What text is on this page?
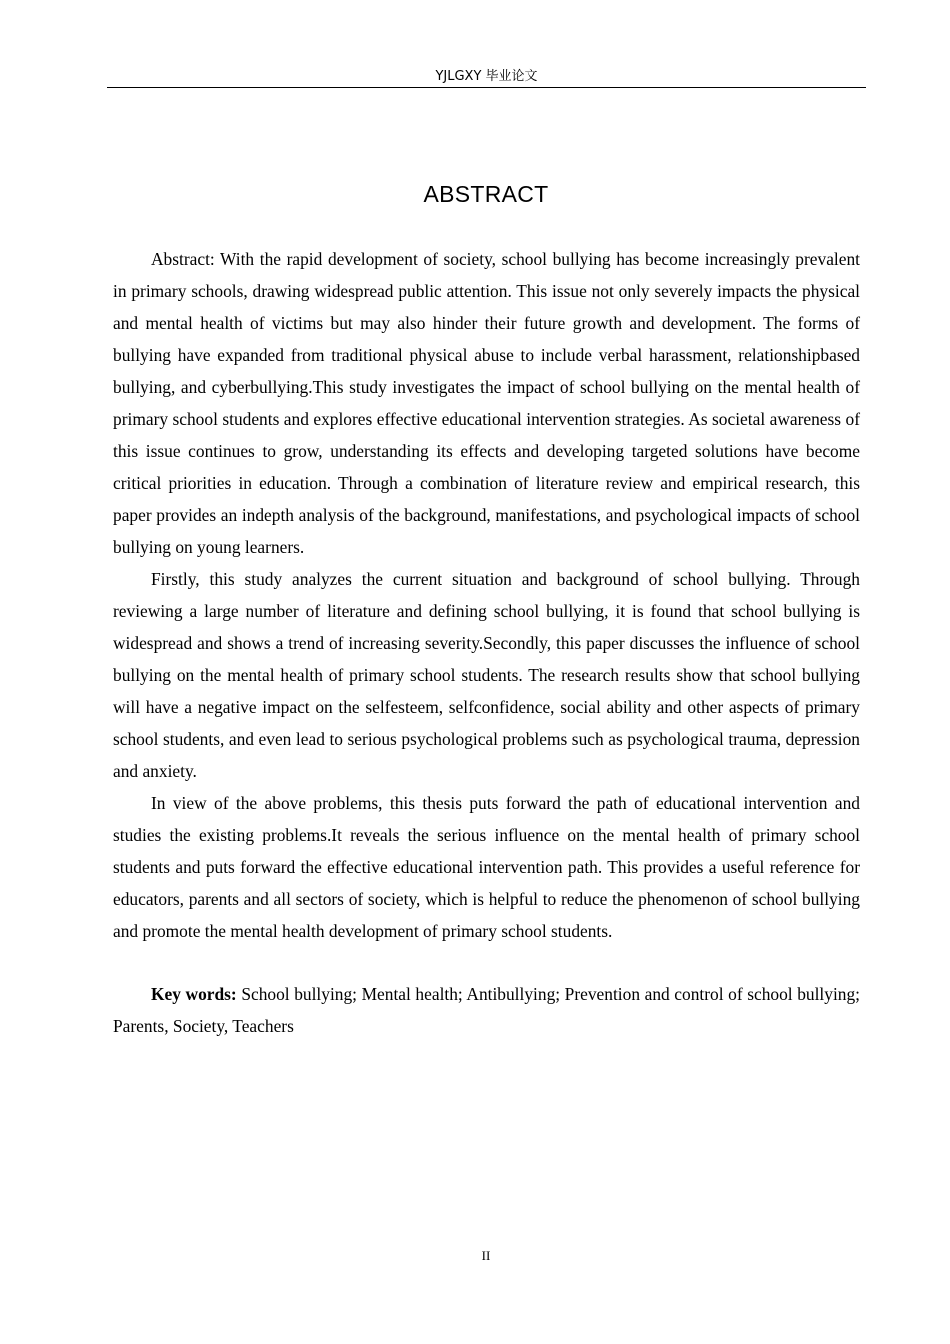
YJLGXY 毕业论文
ABSTRACT

Abstract: With the rapid development of society, school bullying has become increasingly prevalent in primary schools, drawing widespread public attention. This issue not only severely impacts the physical and mental health of victims but may also hinder their future growth and development. The forms of bullying have expanded from traditional physical abuse to include verbal harassment, relationshipbased bullying, and cyberbullying.This study investigates the impact of school bullying on the mental health of primary school students and explores effective educational intervention strategies. As societal awareness of this issue continues to grow, understanding its effects and developing targeted solutions have become critical priorities in education. Through a combination of literature review and empirical research, this paper provides an indepth analysis of the background, manifestations, and psychological impacts of school bullying on young learners.

Firstly, this study analyzes the current situation and background of school bullying. Through reviewing a large number of literature and defining school bullying, it is found that school bullying is widespread and shows a trend of increasing severity.Secondly, this paper discusses the influence of school bullying on the mental health of primary school students. The research results show that school bullying will have a negative impact on the selfesteem, selfconfidence, social ability and other aspects of primary school students, and even lead to serious psychological problems such as psychological trauma, depression and anxiety.

In view of the above problems, this thesis puts forward the path of educational intervention and studies the existing problems.It reveals the serious influence on the mental health of primary school students and puts forward the effective educational intervention path. This provides a useful reference for educators, parents and all sectors of society, which is helpful to reduce the phenomenon of school bullying and promote the mental health development of primary school students.

Key words: School bullying; Mental health; Antibullying; Prevention and control of school bullying; Parents, Society, Teachers

II
